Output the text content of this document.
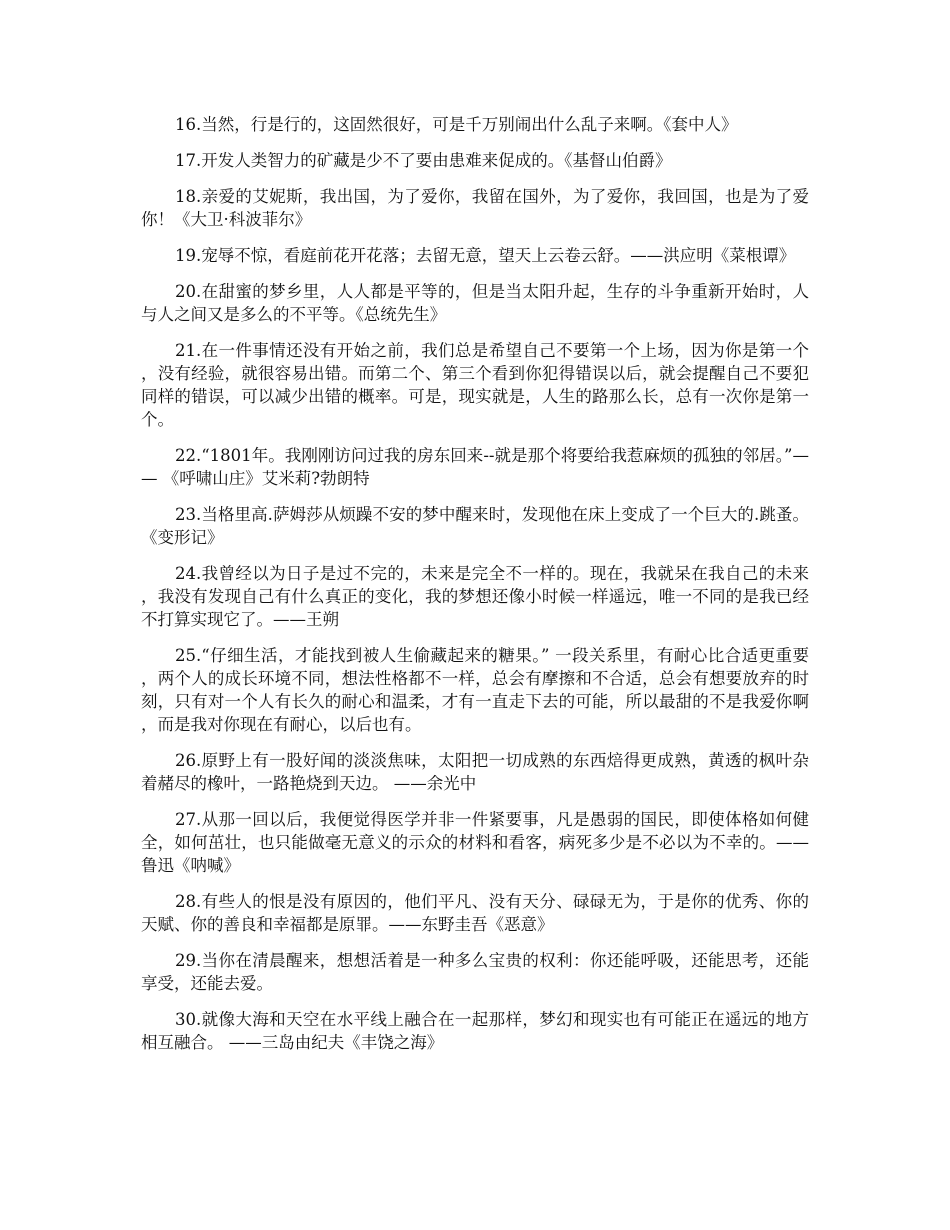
16.当然，行是行的，这固然很好，可是千万别闹出什么乱子来啊。《套中人》

17.开发人类智力的矿藏是少不了要由患难来促成的。《基督山伯爵》

18.亲爱的艾妮斯，我出国，为了爱你，我留在国外，为了爱你，我回国，也是为了爱你！《大卫·科波菲尔》

19.宠辱不惊，看庭前花开花落；去留无意，望天上云卷云舒。——洪应明《菜根谭》

20.在甜蜜的梦乡里，人人都是平等的，但是当太阳升起，生存的斗争重新开始时，人与人之间又是多么的不平等。《总统先生》

21.在一件事情还没有开始之前，我们总是希望自己不要第一个上场，因为你是第一个，没有经验，就很容易出错。而第二个、第三个看到你犯得错误以后，就会提醒自己不要犯同样的错误，可以减少出错的概率。可是，现实就是，人生的路那么长，总有一次你是第一个。

22.“1801年。我刚刚访问过我的房东回来--就是那个将要给我惹麻烦的孤独的邻居。”—— 《呼啸山庄》艾米莉?勃朗特

23.当格里高.萨姆莎从烦躁不安的梦中醒来时，发现他在床上变成了一个巨大的.跳蚤。《变形记》

24.我曾经以为日子是过不完的，未来是完全不一样的。现在，我就呆在我自己的未来，我没有发现自己有什么真正的变化，我的梦想还像小时候一样遥远，唯一不同的是我已经不打算实现它了。——王朔

25.“仔细生活，才能找到被人生偷藏起来的糖果。” 一段关系里，有耐心比合适更重要，两个人的成长环境不同，想法性格都不一样，总会有摩擦和不合适，总会有想要放弃的时刻，只有对一个人有长久的耐心和温柔，才有一直走下去的可能，所以最甜的不是我爱你啊，而是我对你现在有耐心，以后也有。

26.原野上有一股好闻的淡淡焦味，太阳把一切成熟的东西焙得更成熟，黄透的枫叶杂着赭尽的橡叶，一路艳烧到天边。 ——余光中

27.从那一回以后，我便觉得医学并非一件紧要事，凡是愚弱的国民，即使体格如何健全，如何茁壮，也只能做毫无意义的示众的材料和看客，病死多少是不必以为不幸的。——鲁迅《呐喊》

28.有些人的恨是没有原因的，他们平凡、没有天分、碌碌无为，于是你的优秀、你的天赋、你的善良和幸福都是原罪。——东野圭吾《恶意》

29.当你在清晨醒来，想想活着是一种多么宝贵的权利：你还能呼吸，还能思考，还能享受，还能去爱。

30.就像大海和天空在水平线上融合在一起那样，梦幻和现实也有可能正在遥远的地方相互融合。 ——三岛由纪夫《丰饶之海》
